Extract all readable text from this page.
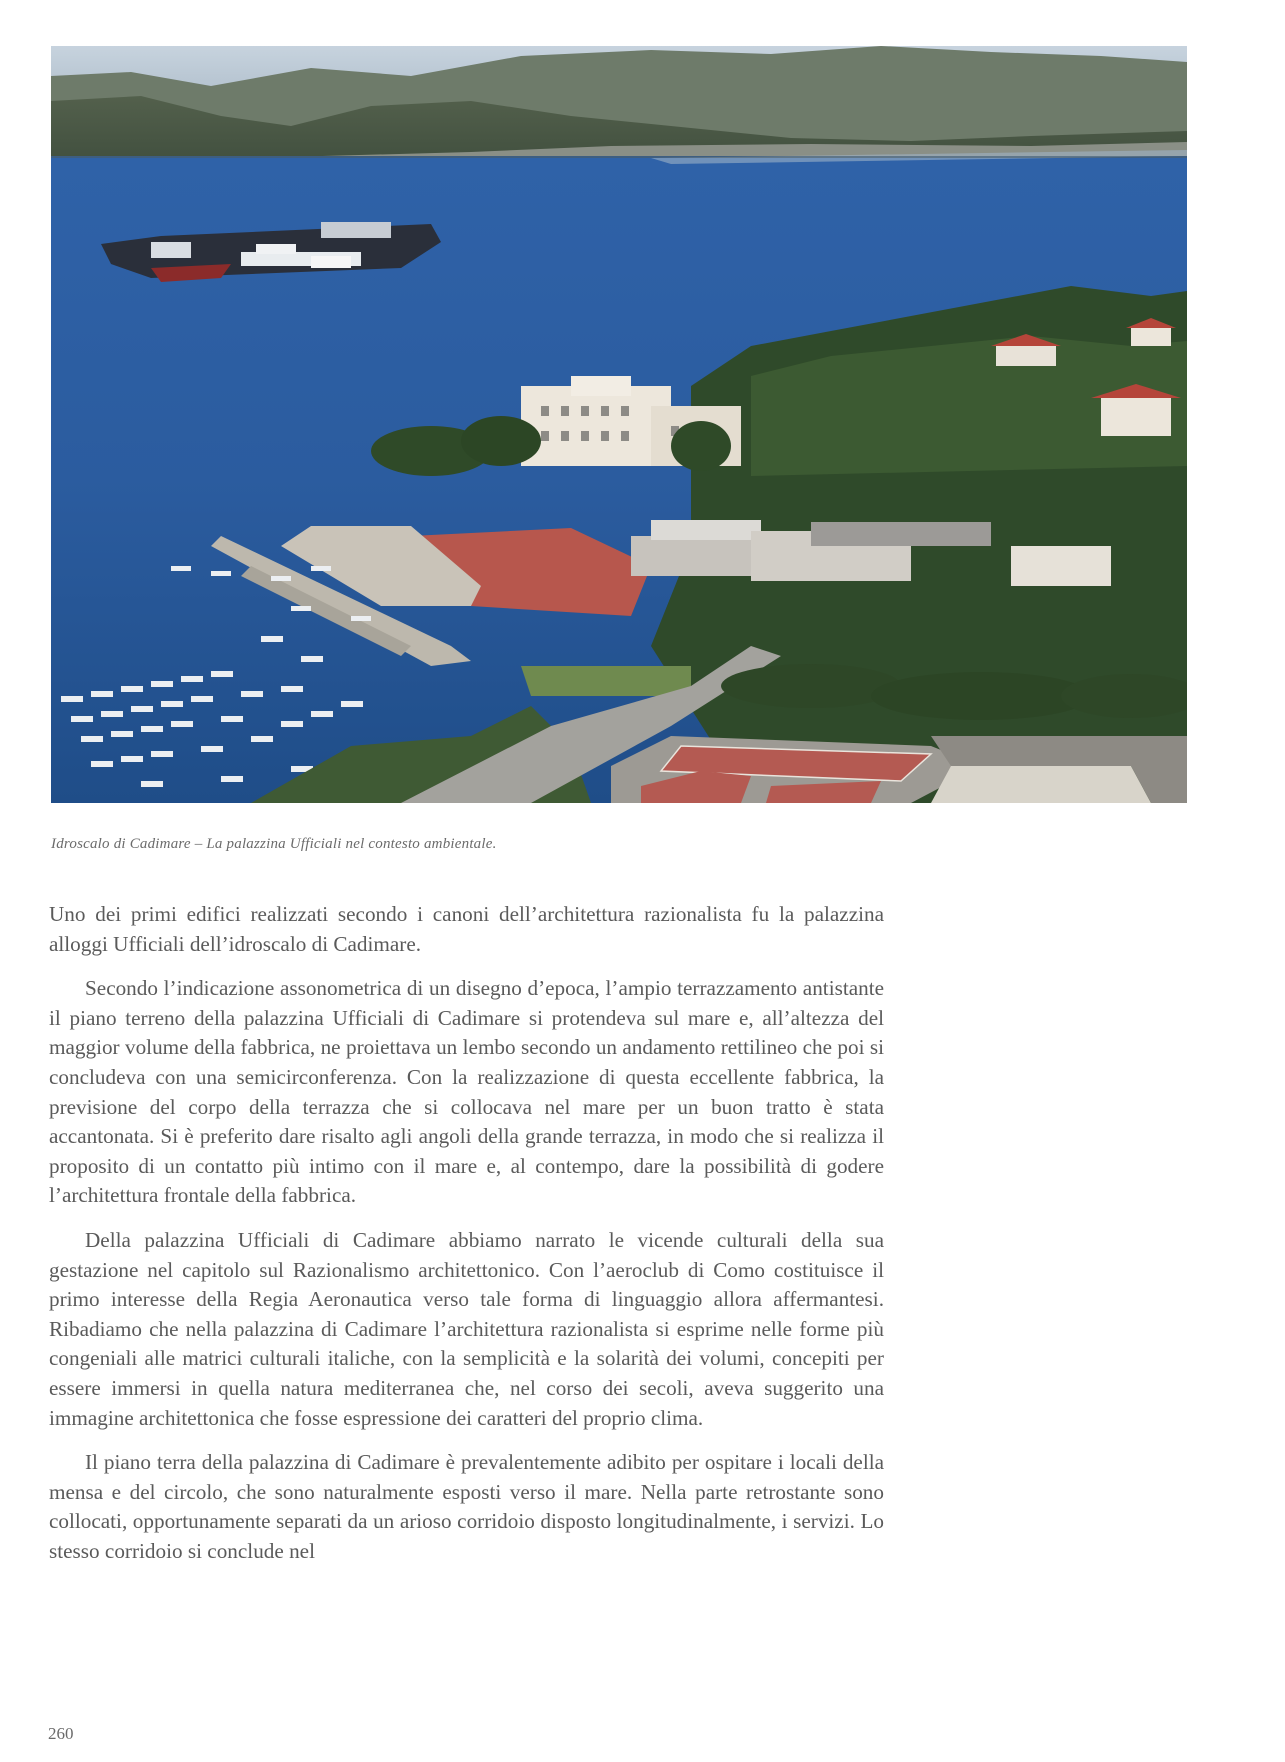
Idroscalo di Cadimare – La palazzina Ufficiali nel contesto ambientale.

Uno dei primi edifici realizzati secondo i canoni dell’architettura razionalista fu la palazzina alloggi Ufficiali dell’idroscalo di Cadimare.

Secondo l’indicazione assonometrica di un disegno d’epoca, l’ampio terrazzamento antistante il piano terreno della palazzina Ufficiali di Cadimare si protendeva sul mare e, all’altezza del maggior volume della fabbrica, ne proiettava un lembo secondo un andamento rettilineo che poi si concludeva con una semicirconferenza. Con la realizzazione di questa eccellente fabbrica, la previsione del corpo della terrazza che si collocava nel mare per un buon tratto è stata accantonata. Si è preferito dare risalto agli angoli della grande terrazza, in modo che si realizza il proposito di un contatto più intimo con il mare e, al contempo, dare la possibilità di godere l’architettura frontale della fabbrica.

Della palazzina Ufficiali di Cadimare abbiamo narrato le vicende culturali della sua gestazione nel capitolo sul Razionalismo architettonico. Con l’aeroclub di Como costituisce il primo interesse della Regia Aeronautica verso tale forma di linguaggio allora affermantesi. Ribadiamo che nella palazzina di Cadimare l’architettura razionalista si esprime nelle forme più congeniali alle matrici culturali italiche, con la semplicità e la solarità dei volumi, concepiti per essere immersi in quella natura mediterranea che, nel corso dei secoli, aveva suggerito una immagine architettonica che fosse espressione dei caratteri del proprio clima.

Il piano terra della palazzina di Cadimare è prevalentemente adibito per ospitare i locali della mensa e del circolo, che sono naturalmente esposti verso il mare. Nella parte retrostante sono collocati, opportunamente separati da un arioso corridoio disposto longitudinalmente, i servizi. Lo stesso corridoio si conclude nel

260
